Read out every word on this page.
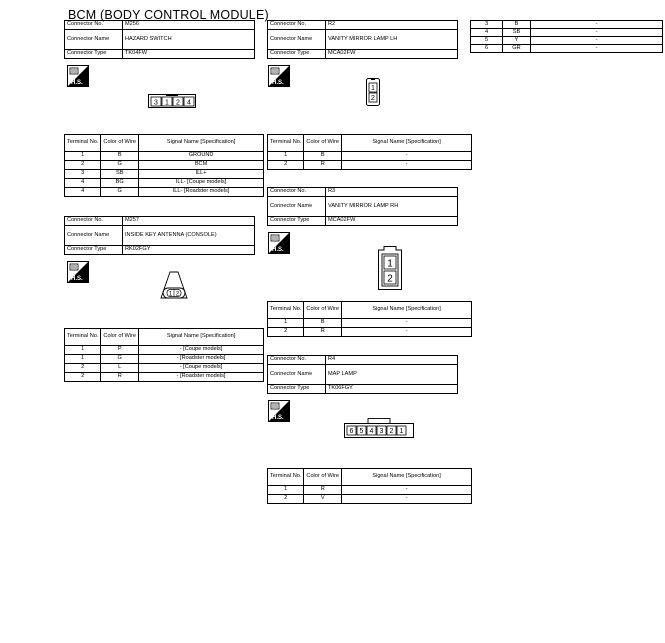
BCM (BODY CONTROL MODULE)
Connector No.	M256
Connector Name	HAZARD SWITCH
Connector Type	TK04FW
H.S.
3 1 2 4
Terminal No.	Color of Wire	Signal Name [Specification]
1	B	GROUND
2	G	BCM
3	SB	ILL+
4	BG	ILL- [Coupe models]
4	G	ILL- [Roadster models]
Connector No.	M257
Connector Name	INSIDE KEY ANTENNA (CONSOLE)
Connector Type	RK02FGY
H.S.
1 2
Terminal No.	Color of Wire	Signal Name [Specification]
1	P	- [Coupe models]
1	G	- [Roadster models]
2	L	- [Coupe models]
2	R	- [Roadster models]
Connector No.	R2
Connector Name	VANITY MIRROR LAMP LH
Connector Type	MCA02FW
H.S.
1
2
Terminal No.	Color of Wire	Signal Name [Specification]
1	B	-
2	R	-
Connector No.	R3
Connector Name	VANITY MIRROR LAMP RH
Connector Type	MCA02FW
H.S.
1
2
Terminal No.	Color of Wire	Signal Name [Specification]
1	B	-
2	R	-
Connector No.	R4
Connector Name	MAP LAMP
Connector Type	TK06FGY
H.S.
6 5 4 3 2 1
Terminal No.	Color of Wire	Signal Name [Specification]
1	R	-
2	V	-
3	B	-
4	SB	-
5	Y	-
6	GR	-
